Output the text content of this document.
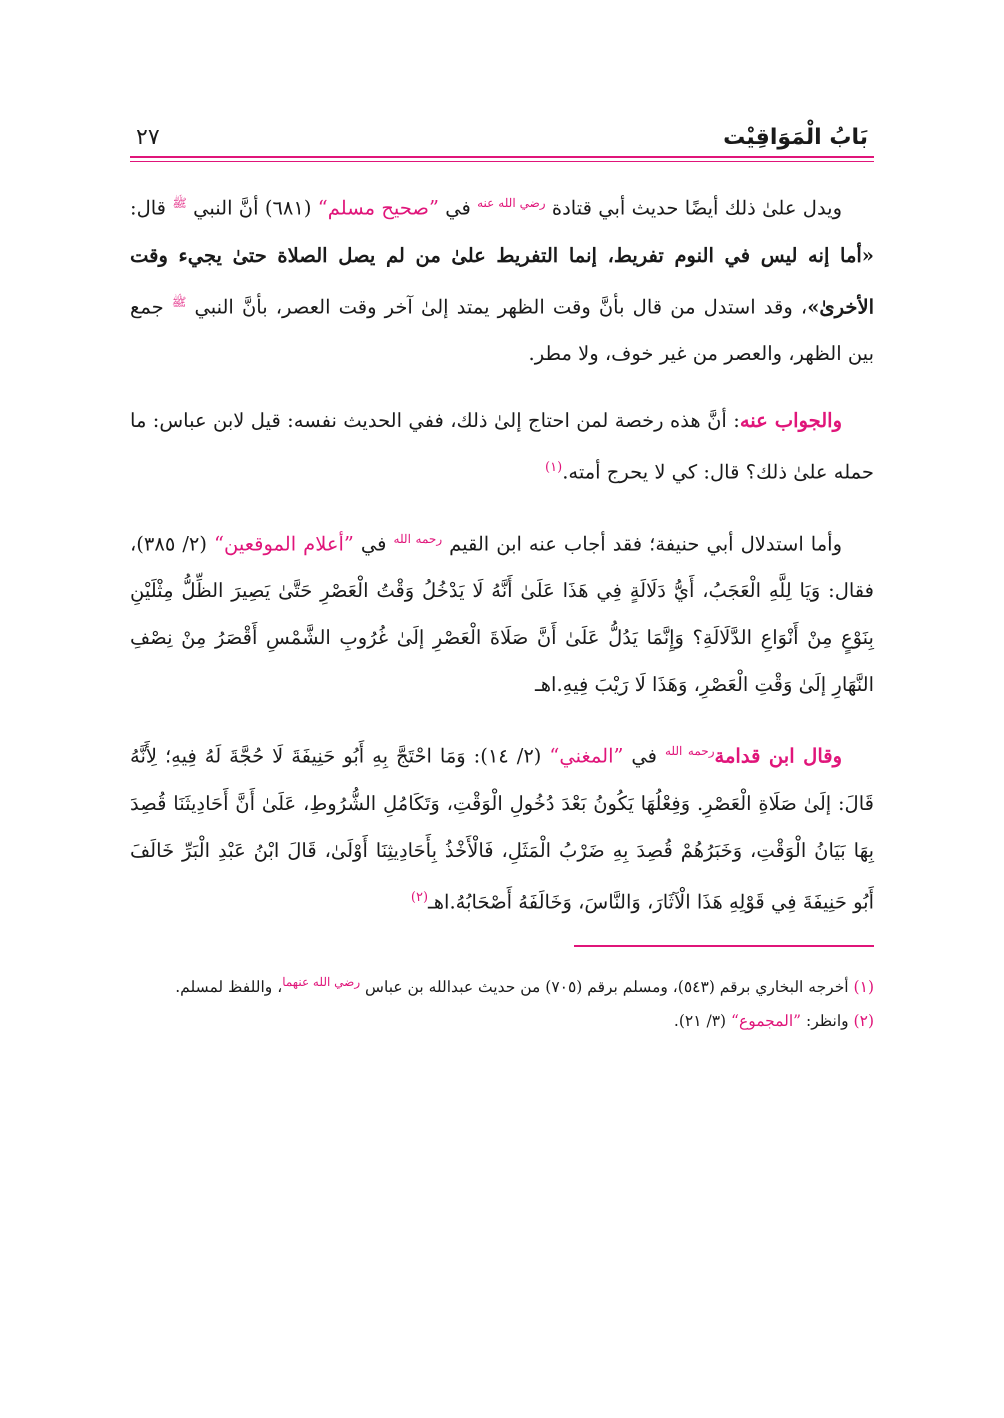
بَابُ الْمَوَاقِيْت
٢٧

ويدل علىٰ ذلك أيضًا حديث أبي قتادة $^{رضي الله عنه}$ في ”صحيح مسلم“ (٦٨١) أنَّ النبي $^ﷺ$ قال: «أما إنه ليس في النوم تفريط، إنما التفريط علىٰ من لم يصل الصلاة حتىٰ يجيء وقت الأخرىٰ»، وقد استدل من قال بأنَّ وقت الظهر يمتد إلىٰ آخر وقت العصر، بأنَّ النبي $^ﷺ$ جمع بين الظهر، والعصر من غير خوف، ولا مطر.

والجواب عنه: أنَّ هذه رخصة لمن احتاج إلىٰ ذلك، ففي الحديث نفسه: قيل لابن عباس: ما حمله علىٰ ذلك؟ قال: كي لا يحرج أمته.$^{(١)}$

وأما استدلال أبي حنيفة؛ فقد أجاب عنه ابن القيم $^{رحمه الله}$ في ”أعلام الموقعين“ (٢/ ٣٨٥)، فقال: وَيَا لِلَّهِ الْعَجَبُ، أَيُّ دَلَالَةٍ فِي هَذَا عَلَىٰ أَنَّهُ لَا يَدْخُلُ وَقْتُ الْعَصْرِ حَتَّىٰ يَصِيرَ الظِّلُّ مِثْلَيْنِ بِنَوْعٍ مِنْ أَنْوَاعِ الدَّلَالَةِ؟ وَإِنَّمَا يَدُلُّ عَلَىٰ أَنَّ صَلَاةَ الْعَصْرِ إلَىٰ غُرُوبِ الشَّمْسِ أَقْصَرُ مِنْ نِصْفِ النَّهَارِ إلَىٰ وَقْتِ الْعَصْرِ، وَهَذَا لَا رَيْبَ فِيهِ.اهـ

وقال ابن قدامة$^{رحمه الله}$ في ”المغني“ (٢/ ١٤): وَمَا احْتَجَّ بِهِ أَبُو حَنِيفَةَ لَا حُجَّةَ لَهُ فِيهِ؛ لِأَنَّهُ قَالَ: إلَىٰ صَلَاةِ الْعَصْرِ. وَفِعْلُهَا يَكُونُ بَعْدَ دُخُولِ الْوَقْتِ، وَتَكَامُلِ الشُّرُوطِ، عَلَىٰ أَنَّ أَحَادِيثَنَا قُصِدَ بِهَا بَيَانُ الْوَقْتِ، وَخَبَرُهُمْ قُصِدَ بِهِ ضَرْبُ الْمَثَلِ، فَالْأَخْذُ بِأَحَادِيثِنَا أَوْلَىٰ، قَالَ ابْنُ عَبْدِ الْبَرِّ خَالَفَ أَبُو حَنِيفَةَ فِي قَوْلِهِ هَذَا الْآثَارَ، وَالنَّاسَ، وَخَالَفَهُ أَصْحَابُهُ.اهـ$^{(٢)}$

(١) أخرجه البخاري برقم (٥٤٣)، ومسلم برقم (٧٠٥) من حديث عبدالله بن عباس $^{رضي الله عنهما}$، واللفظ لمسلم.

(٢) وانظر: ”المجموع“ (٣/ ٢١).
